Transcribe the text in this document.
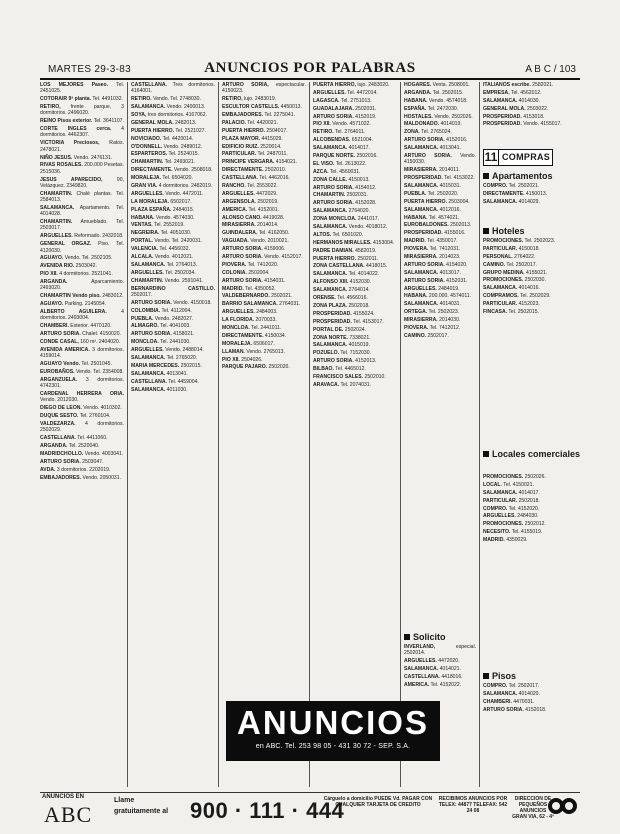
MARTES 29-3-83	ANUNCIOS POR PALABRAS	A B C / 103
LOS MEJORES Paseo. Tel. 2451025.
COTORAIR 9ª planta. Tel. 4491032.
RETIRO, frente parque, 3 dormitorios. 2496020.
REINO Pisos exterior. Tel. 3641107.
CORTE INGLES cerca. 4 dormitorios. 4462307.
VICTORIA Preciosos, Ratos. 2478021.
NIÑO JESUS. Vendo. 2476131.
RIVAS ROSALES. 200.000 Pesetas. 2515036.
JESUS APARECIDO, 90, Velázquez. 2349820.
CHAMARTIN. Chalé plantas. Tel. 2584013.
SALAMANCA. Apartamento. Tel. 4014028.
CHAMARTIN. Amueblado. Tel. 2503017.
ARGUELLES. Reformado. 2432018.
GENERAL ORGAZ. Piso. Tel. 4120030.
AGUAYO. Vendo. Tel. 2502105.
AVENIDA RIO. 2503042.
PIO XII. 4 dormitorios. 2521041.
ARGANDA. Aparcamiento. 2493020.
CHAMARTIN Vendo piso. 2483012.
AGUAYO. Parking. 2145054.
ALBERTO AGUILERA. 4 dormitorios. 2493004.
CHAMBERI. Exterior. 4470120.
ARTURO SORIA. Chalet. 4150020.
CONDE CASAL, 160 m². 2404020.
AVENIDA AMERICA. 3 dormitorios. 4159014.
AGUAYO Vendo. Tel. 2501045.
EUROBAÑOS. Vendo. Tel. 2354008.
ARGANZUELA. 3 dormitorios. 4742301.
CARDENAL HERRERA ORIA. Vendo. 2012030.
DIEGO DE LEON. Vendo. 4010302.
DUQUE SESTO. Tel. 2760104.
VALDEZARZA. 4 dormitorios. 2502029.
CASTELLANA. Tel. 4411060.
ARGANDA. Tel. 2520040.
MADRIDCHOLLO. Vendo. 4003041.
ARTURO SORIA. 2503047.
AVDA. 3 dormitorios. 2202019.
EMBAJADORES. Vendo. 2050031.
CASTELLANA. Tres dormitorios. 4164001.
RETIRO. Vendo. Tel. 2748030.
SALAMANCA. Vendo. 2400013.
SOYA, tres dormitorios. 4167062.
GENERAL MOLA. 2482013.
PUERTA HIERRO. Tel. 2521027.
NOVICIADO. Tel. 4420014.
O'DONNELL. Vendo. 2489012.
ESPARTEROS. Tel. 2524015.
CHAMARTIN. Tel. 2493021.
DIRECTAMENTE. Vendo. 2508018.
MORALEJA. Tel. 6504020.
GRAN VIA. 4 dormitorios. 2482019.
ARGUELLES. Vendo. 4472011.
LA MORALEJA. 6502017.
PLAZA ESPAÑA. 2484015.
HABANA. Vendo. 4574030.
VENTAS. Tel. 2552019.
NEGREIRA. Tel. 4051030.
PORTAL. Vendo. Tel. 2420031.
VALENCIA. Tel. 4456032.
ALCALA. Vendo. 4012021.
SALAMANCA. Tel. 2764013.
ARGUELLES. Tel. 2502034.
CHAMARTIN. Vendo. 2591041.
BERNARDINO CASTILLO. 2502017.
ARTURO SORIA. Vendo. 4150018.
COLOMBIA. Tel. 4112004.
PUEBLA. Vendo. 2482027.
ALMAGRO. Tel. 4041003.
ARTURO SORIA. 4158021.
MONCLOA. Tel. 2441030.
ARGUELLES. Vendo. 2488014.
SALAMANCA. Tel. 2765020.
MARIA MERCEDES. 2502015.
SALAMANCA. 4013041.
CASTELLANA. Tel. 4459004.
SALAMANCA. 4011030.
ARTURO SORIA, espectacular. 4150023.
RETIRO, lujo. 2483019.
ESCULTOR CASTELLS. 4450013.
EMBAJADORES. Tel. 2275041.
PALACIO. Tel. 4420021.
PUERTA HIERRO. 2504017.
PLAZA MAYOR. 4415029.
EDIFICIO RUIZ. 2520014.
PARTICULAR. Tel. 2487011.
PRINCIPE VERGARA. 4154021.
DIRECTAMENTE. 2502010.
CASTELLANA. Tel. 4462016.
RANCHO. Tel. 2553022.
ARGUELLES. 4472029.
ARGENSOLA. 2502019.
AMERICA. Tel. 4152001.
ALONSO CANO. 4419028.
MIRASIERRA. 2014014.
GUINDALERA. Tel. 4162050.
VAGUADA. Vendo. 2010021.
ARTURO SORIA. 4159006.
ARTURO SORIA. Vendo. 4152017.
PIOVERA. Tel. 7412020.
COLONIA. 2502004.
ARTURO SORIA. 4154031.
MADRID. Tel. 4350052.
VALDEBERNARDO. 2502021.
BARRIO SALAMANCA. 2764031.
ARGUELLES. 2484003.
LA FLORIDA. 2070033.
MONCLOA. Tel. 2441011.
DIRECTAMENTE. 4150034.
MORALEJA. 6506017.
LLAMAN. Vendo. 2765013.
PIO XII. 2504026.
PARQUE PAJARO. 2502020.
PUERTA HIERRO, lujo. 2483020.
ARGUELLES. Tel. 4472014.
LAGASCA. Tel. 2751013.
GUADALAJARA. 2502031.
ARTURO SORIA. 4152019.
PIO XII. Vendo. 4571022.
RETIRO. Tel. 2764011.
ALCOBENDAS. 6521004.
SALAMANCA. 4014017.
PARQUE NORTE. 2502016.
EL VISO. Tel. 2613022.
AZCA. Tel. 4560031.
ZONA CALLE. 4150013.
ARTURO SORIA. 4154012.
CHAMARTIN. 2502031.
ARTURO SORIA. 4152028.
SALAMANCA. 2764020.
ZONA MONCLOA. 2441017.
SALAMANCA. Vendo. 4018012.
ALTOS. Tel. 6501020.
HERMANOS MIRALLES. 4153004.
PADRE DAMIAN. 4582019.
PUERTA HIERRO. 2502011.
ZONA CASTELLANA. 4418015.
SALAMANCA. Tel. 4014022.
ALFONSO XIII. 4152030.
SALAMANCA. 2764014.
ORENSE. Tel. 4566016.
ZONA PLAZA. 2502018.
PROSPERIDAD. 4155024.
PROSPERIDAD. Tel. 4153017.
PORTAL DE. 2502024.
ZONA NORTE. 7338021.
SALAMANCA. 4015019.
POZUELO. Tel. 7152030.
ARTURO SORIA. 4152013.
BILBAO. Tel. 4465012.
FRANCISCO SALES. 2502010.
ARAVACA. Tel. 2074031.
HOGARES. Venta. 2508001.
ARGANDA. Tel. 2502015.
HABANA. Vendo. 4574018.
ESPAÑA. Tel. 2472030.
HOSTALES. Vendo. 2502026.
MALDONADO. 4014019.
ZONA. Tel. 2765024.
ARTURO SORIA. 4152016.
SALAMANCA. 4013041.
ARTURO SORIA. Vendo. 4150030.
MIRASIERRA. 2014011.
PROSPERIDAD. Tel. 4153022.
SALAMANCA. 4015031.
PUEBLA. Tel. 2502020.
PUERTA HIERRO. 2503004.
SALAMANCA. 4012016.
HABANA. Tel. 4574021.
EUROBALDONES. 2502013.
PROSPERIDAD. 4155016.
MADRID. Tel. 4350017.
PIOVERA. Tel. 7412031.
MIRASIERRA. 2014023.
ARTURO SORIA. 4154020.
SALAMANCA. 4013017.
ARTURO SORIA. 4152031.
ARGUELLES. 2484019.
HABANA. 200.000. 4574011.
SALAMANCA. 4014031.
ORTEGA. Tel. 2502023.
MIRASIERRA. 2014030.
PIOVERA. Tel. 7412012.
CAMINO. 2502017.
ITALIANOS escribe. 2582021.
EMPRESA. Tel. 4562012.
SALAMANCA. 4014030.
GENERAL MOLA. 2503022.
PROSPERIDAD. 4153018.
PROSPERIDAD. Vendo. 4155017.
Solicito
INVERLAND, especial. 2502014.
ARGUELLES. 4472020.
SALAMANCA. 4014021.
CASTELLANA. 4418016.
AMERICA. Tel. 4152022.
11 COMPRAS
Apartamentos
COMPRO. Tel. 2502021.
DIRECTAMENTE. 4150013.
SALAMANCA. 4014029.
Hoteles
PROMOCIONES. Tel. 2502023.
PARTICULAR. 4150018.
PERSONAL. 2764022.
CAMINO. Tel. 2502017.
GRUPO MEDINA. 4155021.
PROMOCIONES. 2502030.
SALAMANCA. 4014016.
COMPRAMOS. Tel. 2502029.
PARTICULAR. 4152023.
FINCASA. Tel. 2502015.
Locales comerciales
PROMOCIONES. 2502026.
LOCAL. Tel. 4150021.
SALAMANCA. 4014017.
PARTICULAR. 2502018.
COMPRO. Tel. 4152020.
ARGUELLES. 2484030.
PROMOCIONES. 2502012.
NECESITO. Tel. 4155019.
MADRID. 4350029.
Pisos
COMPRO. Tel. 2502017.
SALAMANCA. 4014020.
CHAMBERI. 4470031.
ARTURO SORIA. 4152018.
ANUNCIOS
en ABC. Tel. 253 98 05 - 431 30 72 - SEP. S.A.
ANUNCIOS EN
ABC
Llame
gratuitamente al 900 · 111 · 444
Cárguelo a domicilio PUEDE Vd. PAGAR CON CUALQUIER TARJETA DE CREDITO
RECIBIMOS ANUNCIOS POR TELEX: 44877 TELEFAX: 542 24 08
DIRECCION DE PEQUEÑOS ANUNCIOS GRAN VIA, 62 - 4º
